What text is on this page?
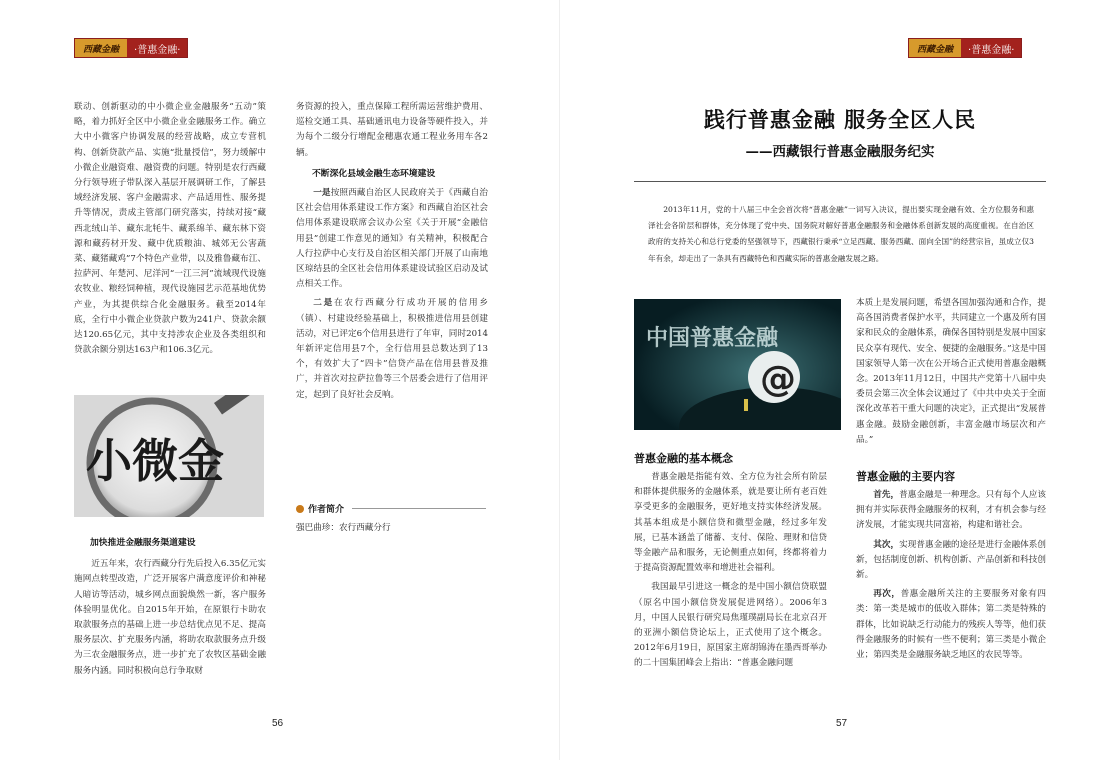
西藏金融	·普惠金融·

联动、创新驱动的中小微企业金融服务“五动”策略，着力抓好全区中小微企业金融服务工作。确立大中小微客户协调发展的经营战略，成立专营机构、创新贷款产品、实施“批量授信”，努力缓解中小微企业融资难、融资费的问题。特别是农行西藏分行领导班子带队深入基层开展调研工作，了解县域经济发展、客户金融需求、产品适用性、服务提升等情况，责成主管部门研究落实，持续对接“藏西北绒山羊、藏东北牦牛、藏系绵羊、藏东林下资源和藏药材开发、藏中优质粮油、城郊无公害蔬菜、藏猪藏鸡”7个特色产业带，以及雅鲁藏布江、拉萨河、年楚河、尼洋河“一江三河”流域现代设施农牧业、粮经饲种植，现代设施园艺示范基地优势产业，为其提供综合化金融服务。截至2014年底，全行中小微企业贷款户数为241户、贷款余额达120.65亿元，其中支持涉农企业及各类组织和贷款余额分别达163户和106.3亿元。

小微金

加快推进金融服务渠道建设

近五年来，农行西藏分行先后投入6.35亿元实施网点转型改造，广泛开展客户满意度评价和神秘人暗访等活动，城乡网点面貌焕然一新，客户服务体验明显优化。自2015年开始，在原银行卡助农取款服务点的基础上进一步总结优点见不足、提高服务层次、扩充服务内涵，将助农取款服务点升级为三农金融服务点，进一步扩充了农牧区基础金融服务内涵。同时积极向总行争取财

务资源的投入，重点保障工程所需运营维护费用、巡检交通工具、基础通讯电力设备等硬件投入，并为每个二级分行增配金穗惠农通工程业务用车各2辆。

不断深化县域金融生态环境建设

一是按照西藏自治区人民政府关于《西藏自治区社会信用体系建设工作方案》和西藏自治区社会信用体系建设联席会议办公室《关于开展“金融信用县”创建工作意见的通知》有关精神，积极配合人行拉萨中心支行及自治区相关部门开展了山南地区琼结县的全区社会信用体系建设试验区启动及试点相关工作。

二是在农行西藏分行成功开展的信用乡（镇）、村建设经验基础上，积极推进信用县创建活动，对已评定6个信用县进行了年审，同时2014年新评定信用县7个，全行信用县总数达到了13个，有效扩大了“四卡”信贷产品在信用县普及推广，并首次对拉萨拉鲁等三个居委会进行了信用评定，起到了良好社会反响。

作者简介
强巴曲珍：农行西藏分行
56
西藏金融	·普惠金融·
践行普惠金融 服务全区人民
——西藏银行普惠金融服务纪实

2013年11月，党的十八届三中全会首次将“普惠金融”一词写入决议，提出要实现金融有效、全方位服务和惠泽社会各阶层和群体，充分体现了党中央、国务院对解好普惠金融服务和金融体系创新发展的高度重视。在自治区政府的支持关心和总行党委的坚强领导下，西藏银行秉承“立足西藏、服务西藏、面向全国”的经营宗旨，虽成立仅3年有余，却走出了一条具有西藏特色和西藏实际的普惠金融发展之路。

中国普惠金融
@
普惠金融的基本概念

普惠金融是指能有效、全方位为社会所有阶层和群体提供服务的金融体系，就是要让所有老百姓享受更多的金融服务，更好地支持实体经济发展。其基本组成是小额信贷和微型金融，经过多年发展，已基本涵盖了储蓄、支付、保险、理财和信贷等金融产品和服务，无论侧重点如何，终都将着力于提高资源配置效率和增进社会福利。

我国最早引进这一概念的是中国小额信贷联盟（原名中国小额信贷发展促进网络）。2006年3月，中国人民银行研究局焦瑾璞副局长在北京召开的亚洲小额信贷论坛上，正式使用了这个概念。2012年6月19日，原国家主席胡锦涛在墨西哥举办的二十国集团峰会上指出：“普惠金融问题

本质上是发展问题，希望各国加强沟通和合作，提高各国消费者保护水平，共同建立一个惠及所有国家和民众的金融体系，确保各国特别是发展中国家民众享有现代、安全、便捷的金融服务。”这是中国国家领导人第一次在公开场合正式使用普惠金融概念。2013年11月12日，中国共产党第十八届中央委员会第三次全体会议通过了《中共中央关于全面深化改革若干重大问题的决定》，正式提出“发展普惠金融。鼓励金融创新，丰富金融市场层次和产品。”

普惠金融的主要内容

首先，普惠金融是一种理念。只有每个人应该拥有并实际获得金融服务的权利，才有机会参与经济发展，才能实现共同富裕，构建和谐社会。

其次，实现普惠金融的途径是进行金融体系创新，包括制度创新、机构创新、产品创新和科技创新。

再次，普惠金融所关注的主要服务对象有四类：第一类是城市的低收入群体；第二类是特殊的群体，比如说缺乏行动能力的残疾人等等，他们获得金融服务的时候有一些不便利；第三类是小微企业；第四类是金融服务缺乏地区的农民等等。

57
